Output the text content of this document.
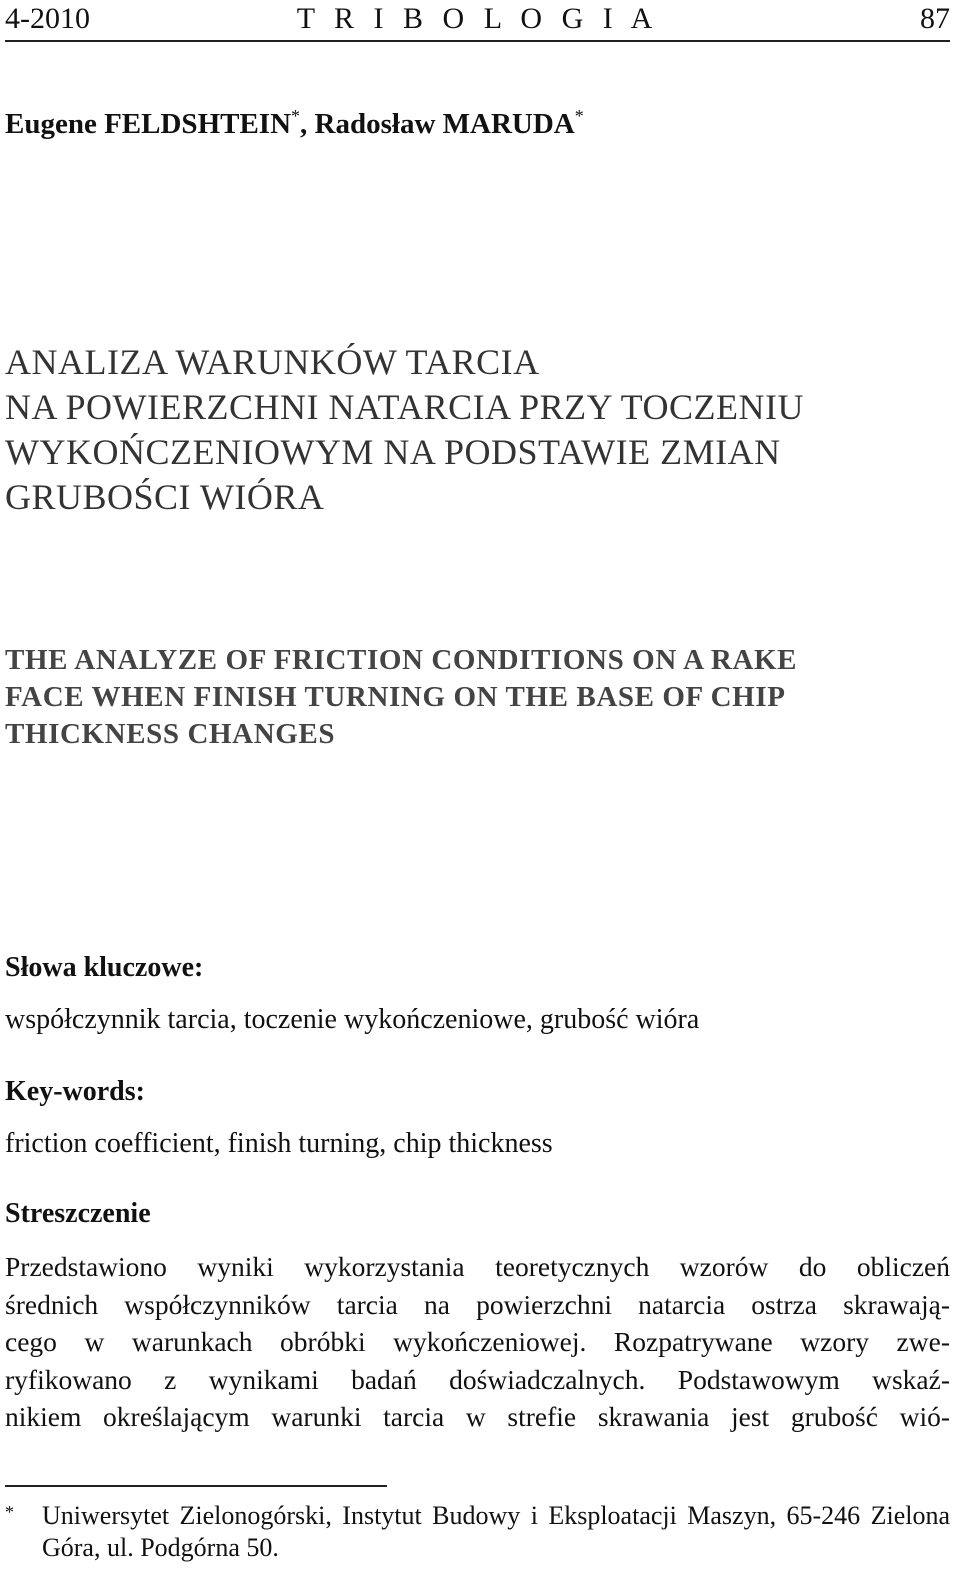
4-2010	T R I B O L O G I A	87
Eugene FELDSHTEIN*, Radosław MARUDA*
ANALIZA WARUNKÓW TARCIA
NA POWIERZCHNI NATARCIA PRZY TOCZENIU
WYKOŃCZENIOWYM NA PODSTAWIE ZMIAN
GRUBOŚCI WIÓRA
THE ANALYZE OF FRICTION CONDITIONS ON A RAKE
FACE WHEN FINISH TURNING ON THE BASE OF CHIP
THICKNESS CHANGES
Słowa kluczowe:
współczynnik tarcia, toczenie wykończeniowe, grubość wióra
Key-words:
friction coefficient, finish turning, chip thickness
Streszczenie
Przedstawiono wyniki wykorzystania teoretycznych wzorów do obliczeń
średnich współczynników tarcia na powierzchni natarcia ostrza skrawają-
cego w warunkach obróbki wykończeniowej. Rozpatrywane wzory zwe-
ryfikowano z wynikami badań doświadczalnych. Podstawowym wskaź-
nikiem określającym warunki tarcia w strefie skrawania jest grubość wió-
* Uniwersytet Zielonogórski, Instytut Budowy i Eksploatacji Maszyn, 65-246 Zielona
Góra, ul. Podgórna 50.
